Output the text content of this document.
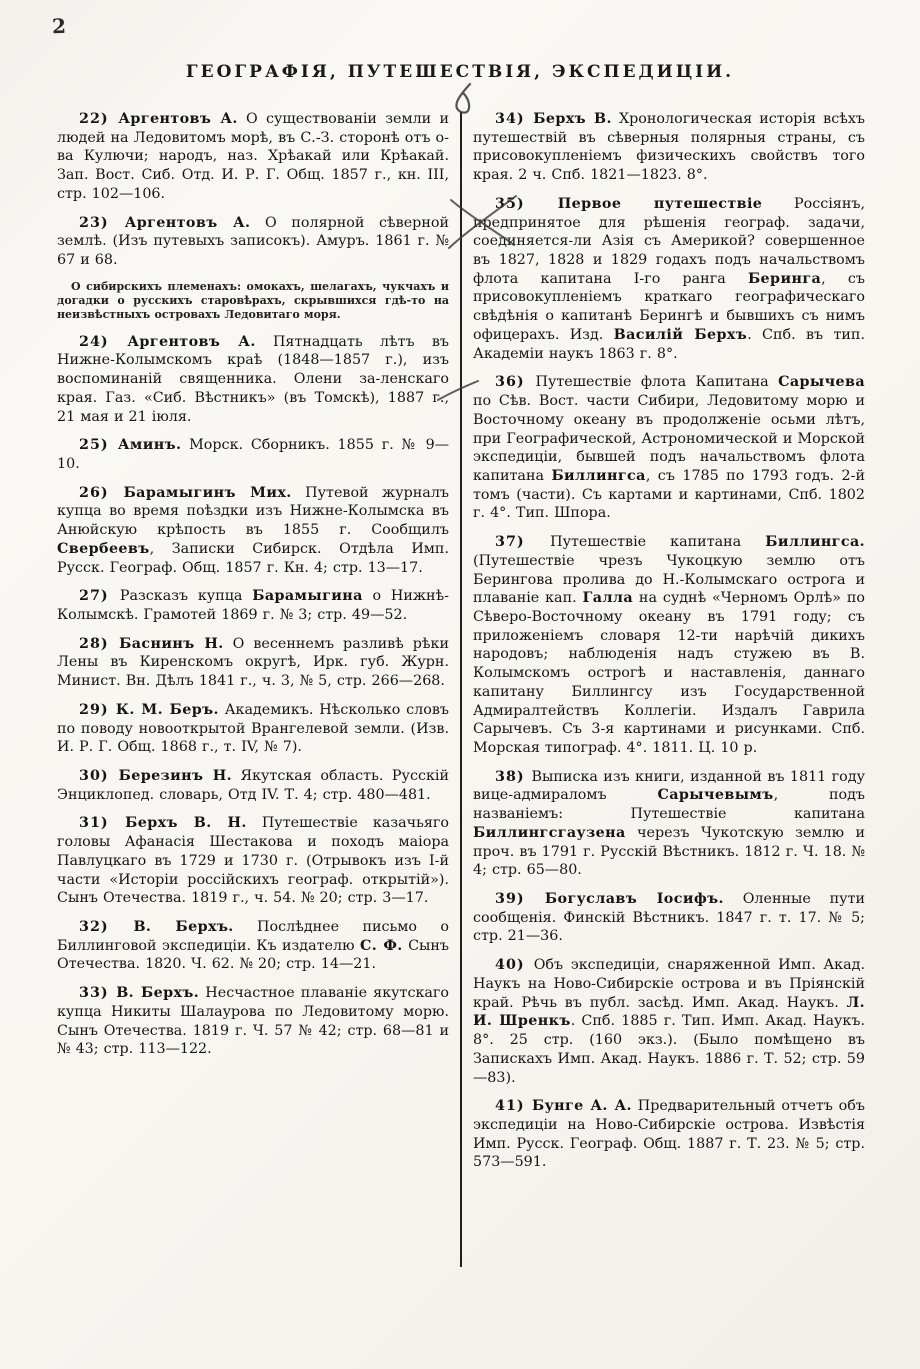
2
ГЕОГРАФІЯ, ПУТЕШЕСТВІЯ, ЭКСПЕДИЦІИ.
22) Аргентовъ А. О существованіи земли и людей на Ледовитомъ морѣ, въ С.-З. сторонѣ отъ о-ва Кулючи; народъ, наз. Хрѣакай или Крѣакай. Зап. Вост. Сиб. Отд. И. Р. Г. Общ. 1857 г., кн. III, стр. 102—106.
23) Аргентовъ А. О полярной сѣверной землѣ. (Изъ путевыхъ записокъ). Амуръ. 1861 г. № 67 и 68.
О сибирскихъ племенахъ: омокахъ, шелагахъ, чукчахъ и догадки о русскихъ старовѣрахъ, скрывшихся гдѣ-то на неизвѣстныхъ островахъ Ледовитаго моря.
24) Аргентовъ А. Пятнадцать лѣтъ въ Нижне-Колымскомъ краѣ (1848—1857 г.), изъ воспоминаній священника. Олени за-ленскаго края. Газ. «Сиб. Вѣстникъ» (въ Томскѣ), 1887 г., 21 мая и 21 іюля.
25) Аминъ. Морск. Сборникъ. 1855 г. № 9—10.
26) Барамыгинъ Мих. Путевой журналъ купца во время поѣздки изъ Нижне-Колымска въ Анюйскую крѣпость въ 1855 г. Сообщилъ Свербеевъ, Записки Сибирск. Отдѣла Имп. Русск. Географ. Общ. 1857 г. Кн. 4; стр. 13—17.
27) Разсказъ купца Барамыгина о Нижнѣ-Колымскѣ. Грамотей 1869 г. № 3; стр. 49—52.
28) Баснинъ Н. О весеннемъ разливѣ рѣки Лены въ Киренскомъ округѣ, Ирк. губ. Журн. Минист. Вн. Дѣлъ 1841 г., ч. 3, № 5, стр. 266—268.
29) К. М. Беръ. Академикъ. Нѣсколько словъ по поводу новооткрытой Врангелевой земли. (Изв. И. Р. Г. Общ. 1868 г., т. IV, № 7).
30) Березинъ Н. Якутская область. Русскій Энциклопед. словарь, Отд IV. Т. 4; стр. 480—481.
31) Берхъ В. Н. Путешествіе казачьяго головы Афанасія Шестакова и походъ маіора Павлуцкаго въ 1729 и 1730 г. (Отрывокъ изъ I-й части «Исторіи россійскихъ географ. открытій»). Сынъ Отечества. 1819 г., ч. 54. № 20; стр. 3—17.
32) В. Берхъ. Послѣднее письмо о Биллинговой экспедиціи. Къ издателю С. Ф. Сынъ Отечества. 1820. Ч. 62. № 20; стр. 14—21.
33) В. Берхъ. Несчастное плаваніе якутскаго купца Никиты Шалаурова по Ледовитому морю. Сынъ Отечества. 1819 г. Ч. 57 № 42; стр. 68—81 и № 43; стр. 113—122.
34) Берхъ В. Хронологическая исторія всѣхъ путешествій въ сѣверныя полярныя страны, съ присовокупленіемъ физическихъ свойствъ того края. 2 ч. Спб. 1821—1823. 8°.
35) Первое путешествіе Россіянъ, предпринятое для рѣшенія географ. задачи, соединяется-ли Азія съ Америкой? совершенное въ 1827, 1828 и 1829 годахъ подъ начальствомъ флота капитана I-го ранга Беринга, съ присовокупленіемъ краткаго географическаго свѣдѣнія о капитанѣ Берингѣ и бывшихъ съ нимъ офицерахъ. Изд. Василій Берхъ. Спб. въ тип. Академіи наукъ 1863 г. 8°.
36) Путешествіе флота Капитана Сарычева по Сѣв. Вост. части Сибири, Ледовитому морю и Восточному океану въ продолженіе осьми лѣтъ, при Географической, Астрономической и Морской экспедиціи, бывшей подъ начальствомъ флота капитана Биллингса, съ 1785 по 1793 годъ. 2-й томъ (части). Съ картами и картинами, Спб. 1802 г. 4°. Тип. Шпора.
37) Путешествіе капитана Биллингса. (Путешествіе чрезъ Чукоцкую землю отъ Берингова пролива до Н.-Колымскаго острога и плаваніе кап. Галла на суднѣ «Черномъ Орлѣ» по Сѣверо-Восточному океану въ 1791 году; съ приложеніемъ словаря 12-ти нарѣчій дикихъ народовъ; наблюденія надъ стужею въ В. Колымскомъ острогѣ и наставленія, даннаго капитану Биллингсу изъ Государственной Адмиралтействъ Коллегіи. Издалъ Гаврила Сарычевъ. Съ 3-я картинами и рисунками. Спб. Морская типограф. 4°. 1811. Ц. 10 р.
38) Выписка изъ книги, изданной въ 1811 году вице-адмираломъ Сарычевымъ, подъ названіемъ: Путешествіе капитана Биллингсгаузена черезъ Чукотскую землю и проч. въ 1791 г. Русскій Вѣстникъ. 1812 г. Ч. 18. № 4; стр. 65—80.
39) Богуславъ Іосифъ. Оленные пути сообщенія. Финскій Вѣстникъ. 1847 г. т. 17. № 5; стр. 21—36.
40) Объ экспедиціи, снаряженной Имп. Акад. Наукъ на Ново-Сибирскіе острова и въ Пріянскій край. Рѣчь въ публ. засѣд. Имп. Акад. Наукъ. Л. И. Шренкъ. Спб. 1885 г. Тип. Имп. Акад. Наукъ. 8°. 25 стр. (160 экз.). (Было помѣщено въ Запискахъ Имп. Акад. Наукъ. 1886 г. Т. 52; стр. 59—83).
41) Бунге А. А. Предварительный отчетъ объ экспедиціи на Ново-Сибирскіе острова. Извѣстія Имп. Русск. Географ. Общ. 1887 г. Т. 23. № 5; стр. 573—591.
